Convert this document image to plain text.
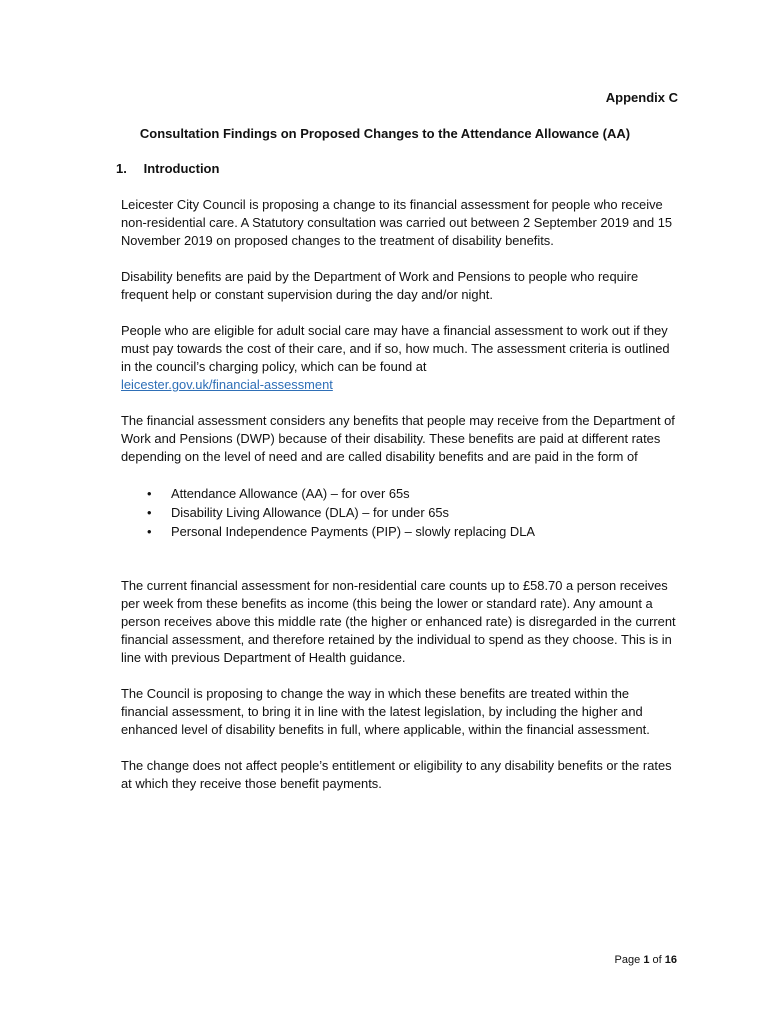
Appendix C
Consultation Findings on Proposed Changes to the Attendance Allowance (AA)
1. Introduction

Leicester City Council is proposing a change to its financial assessment for people who receive non-residential care. A Statutory consultation was carried out between 2 September 2019 and 15 November 2019 on proposed changes to the treatment of disability benefits.

Disability benefits are paid by the Department of Work and Pensions to people who require frequent help or constant supervision during the day and/or night.

People who are eligible for adult social care may have a financial assessment to work out if they must pay towards the cost of their care, and if so, how much. The assessment criteria is outlined in the council’s charging policy, which can be found at
leicester.gov.uk/financial-assessment

The financial assessment considers any benefits that people may receive from the Department of Work and Pensions (DWP) because of their disability. These benefits are paid at different rates depending on the level of need and are called disability benefits and are paid in the form of

• Attendance Allowance (AA) – for over 65s
• Disability Living Allowance (DLA) – for under 65s
• Personal Independence Payments (PIP) – slowly replacing DLA

The current financial assessment for non-residential care counts up to £58.70 a person receives per week from these benefits as income (this being the lower or standard rate). Any amount a person receives above this middle rate (the higher or enhanced rate) is disregarded in the current financial assessment, and therefore retained by the individual to spend as they choose. This is in line with previous Department of Health guidance.

The Council is proposing to change the way in which these benefits are treated within the financial assessment, to bring it in line with the latest legislation, by including the higher and enhanced level of disability benefits in full, where applicable, within the financial assessment.

The change does not affect people’s entitlement or eligibility to any disability benefits or the rates at which they receive those benefit payments.

Page 1 of 16
